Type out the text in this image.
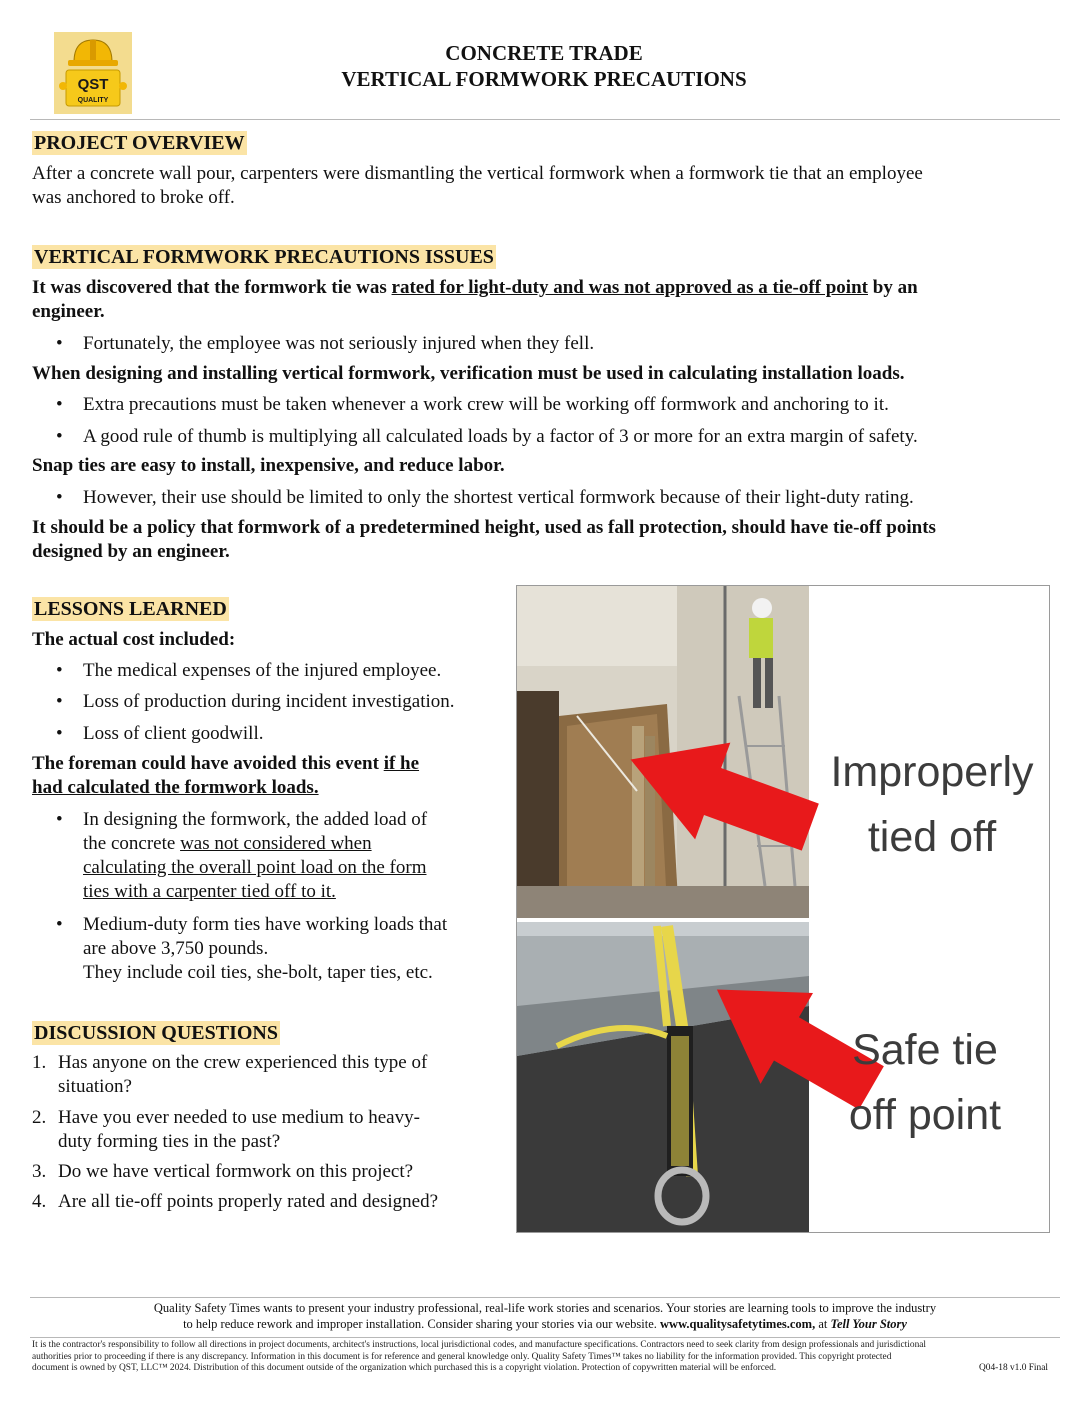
QST
QUALITY
CONCRETE TRADE
VERTICAL FORMWORK PRECAUTIONS
PROJECT OVERVIEW
After a concrete wall pour, carpenters were dismantling the vertical formwork when a formwork tie that an employee
was anchored to broke off.
VERTICAL FORMWORK PRECAUTIONS ISSUES
It was discovered that the formwork tie was rated for light-duty and was not approved as a tie-off point by an
engineer.
• Fortunately, the employee was not seriously injured when they fell.
When designing and installing vertical formwork, verification must be used in calculating installation loads.
• Extra precautions must be taken whenever a work crew will be working off formwork and anchoring to it.
• A good rule of thumb is multiplying all calculated loads by a factor of 3 or more for an extra margin of safety.
Snap ties are easy to install, inexpensive, and reduce labor.
• However, their use should be limited to only the shortest vertical formwork because of their light-duty rating.
It should be a policy that formwork of a predetermined height, used as fall protection, should have tie-off points
designed by an engineer.
LESSONS LEARNED
The actual cost included:
• The medical expenses of the injured employee.
• Loss of production during incident investigation.
• Loss of client goodwill.
The foreman could have avoided this event if he
had calculated the formwork loads.
• In designing the formwork, the added load of
the concrete was not considered when
calculating the overall point load on the form
ties with a carpenter tied off to it.
• Medium-duty form ties have working loads that
are above 3,750 pounds.
They include coil ties, she-bolt, taper ties, etc.
DISCUSSION QUESTIONS
1. Has anyone on the crew experienced this type of
situation?
2. Have you ever needed to use medium to heavy-
duty forming ties in the past?
3. Do we have vertical formwork on this project?
4. Are all tie-off points properly rated and designed?
Improperly
tied off
Safe tie
off point
Quality Safety Times wants to present your industry professional, real-life work stories and scenarios. Your stories are learning tools to improve the industry
to help reduce rework and improper installation. Consider sharing your stories via our website. www.qualitysafetytimes.com, at Tell Your Story
It is the contractor's responsibility to follow all directions in project documents, architect's instructions, local jurisdictional codes, and manufacture specifications. Contractors need to seek clarity from design professionals and jurisdictional
authorities prior to proceeding if there is any discrepancy. Information in this document is for reference and general knowledge only. Quality Safety Times™ takes no liability for the information provided. This copyright protected
document is owned by QST, LLC™ 2024. Distribution of this document outside of the organization which purchased this is a copyright violation. Protection of copywritten material will be enforced.	Q04-18 v1.0 Final
